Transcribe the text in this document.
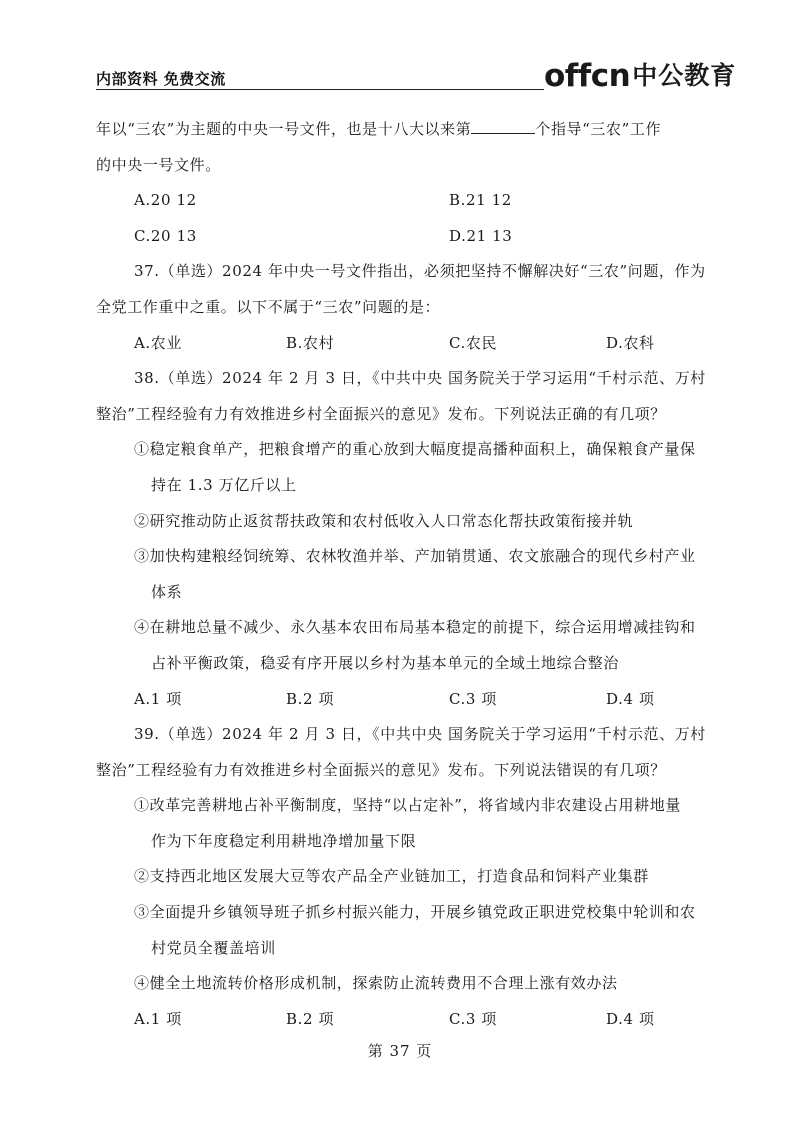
内部资料 免费交流	offcn 中公教育
年以“三农”为主题的中央一号文件，也是十八大以来第	个指导“三农”工作
的中央一号文件。
A.20 12	B.21 12
C.20 13	D.21 13
37.（单选）2024 年中央一号文件指出，必须把坚持不懈解决好“三农”问题，作为
全党工作重中之重。以下不属于“三农”问题的是：
A.农业	B.农村	C.农民	D.农科
38.（单选）2024 年 2 月 3 日，《中共中央 国务院关于学习运用“千村示范、万村
整治”工程经验有力有效推进乡村全面振兴的意见》发布。下列说法正确的有几项？
①稳定粮食单产，把粮食增产的重心放到大幅度提高播种面积上，确保粮食产量保
持在 1.3 万亿斤以上
②研究推动防止返贫帮扶政策和农村低收入人口常态化帮扶政策衔接并轨
③加快构建粮经饲统筹、农林牧渔并举、产加销贯通、农文旅融合的现代乡村产业
体系
④在耕地总量不减少、永久基本农田布局基本稳定的前提下，综合运用增减挂钩和
占补平衡政策，稳妥有序开展以乡村为基本单元的全域土地综合整治
A.1 项	B.2 项	C.3 项	D.4 项
39.（单选）2024 年 2 月 3 日，《中共中央 国务院关于学习运用“千村示范、万村
整治”工程经验有力有效推进乡村全面振兴的意见》发布。下列说法错误的有几项？
①改革完善耕地占补平衡制度，坚持“以占定补”，将省域内非农建设占用耕地量
作为下年度稳定利用耕地净增加量下限
②支持西北地区发展大豆等农产品全产业链加工，打造食品和饲料产业集群
③全面提升乡镇领导班子抓乡村振兴能力，开展乡镇党政正职进党校集中轮训和农
村党员全覆盖培训
④健全土地流转价格形成机制，探索防止流转费用不合理上涨有效办法
A.1 项	B.2 项	C.3 项	D.4 项
第 37 页
